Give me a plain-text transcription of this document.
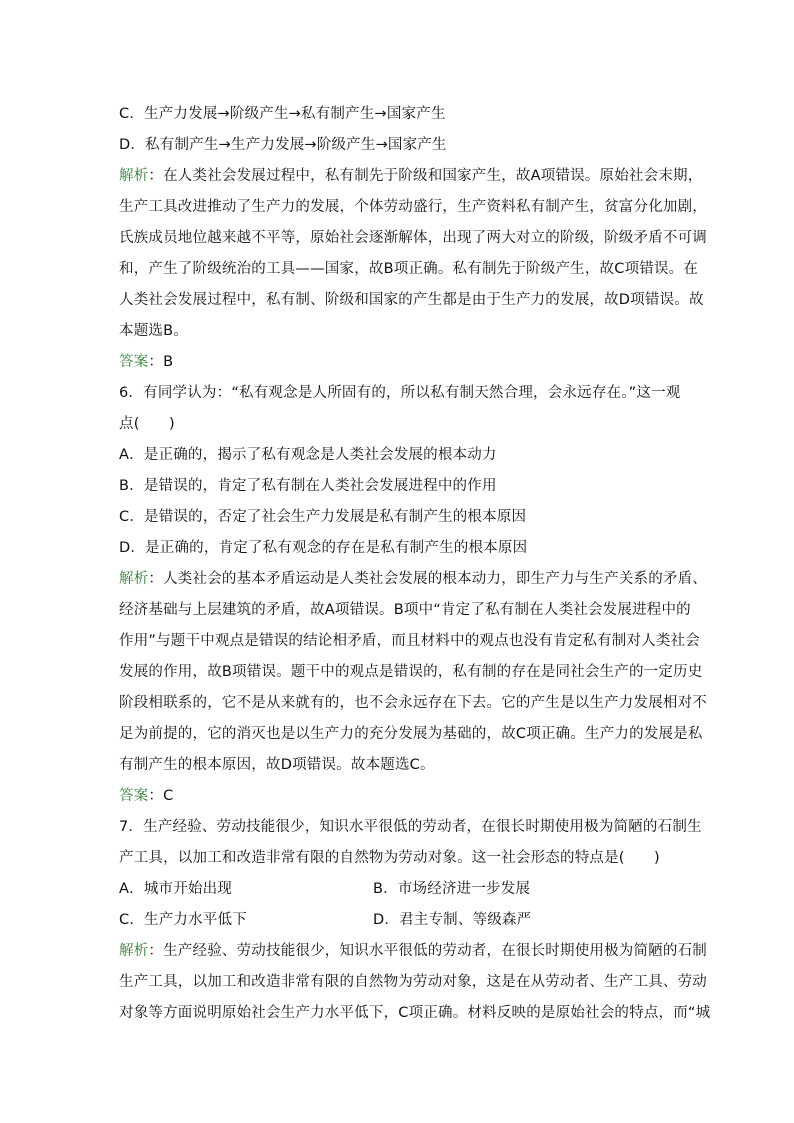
C．生产力发展→阶级产生→私有制产生→国家产生
D．私有制产生→生产力发展→阶级产生→国家产生
解析：在人类社会发展过程中，私有制先于阶级和国家产生，故A项错误。原始社会末期，
生产工具改进推动了生产力的发展，个体劳动盛行，生产资料私有制产生，贫富分化加剧，
氏族成员地位越来越不平等，原始社会逐渐解体，出现了两大对立的阶级，阶级矛盾不可调
和，产生了阶级统治的工具——国家，故B项正确。私有制先于阶级产生，故C项错误。在
人类社会发展过程中，私有制、阶级和国家的产生都是由于生产力的发展，故D项错误。故
本题选B。
答案：B
6．有同学认为：“私有观念是人所固有的，所以私有制天然合理，会永远存在。”这一观
点(　　)
A．是正确的，揭示了私有观念是人类社会发展的根本动力
B．是错误的，肯定了私有制在人类社会发展进程中的作用
C．是错误的，否定了社会生产力发展是私有制产生的根本原因
D．是正确的，肯定了私有观念的存在是私有制产生的根本原因
解析：人类社会的基本矛盾运动是人类社会发展的根本动力，即生产力与生产关系的矛盾、
经济基础与上层建筑的矛盾，故A项错误。B项中“肯定了私有制在人类社会发展进程中的
作用”与题干中观点是错误的结论相矛盾，而且材料中的观点也没有肯定私有制对人类社会
发展的作用，故B项错误。题干中的观点是错误的，私有制的存在是同社会生产的一定历史
阶段相联系的，它不是从来就有的，也不会永远存在下去。它的产生是以生产力发展相对不
足为前提的，它的消灭也是以生产力的充分发展为基础的，故C项正确。生产力的发展是私
有制产生的根本原因，故D项错误。故本题选C。
答案：C
7．生产经验、劳动技能很少，知识水平很低的劳动者，在很长时期使用极为简陋的石制生
产工具，以加工和改造非常有限的自然物为劳动对象。这一社会形态的特点是(　　)
A．城市开始出现	B．市场经济进一步发展
C．生产力水平低下	D．君主专制、等级森严
解析：生产经验、劳动技能很少，知识水平很低的劳动者，在很长时期使用极为简陋的石制
生产工具，以加工和改造非常有限的自然物为劳动对象，这是在从劳动者、生产工具、劳动
对象等方面说明原始社会生产力水平低下，C项正确。材料反映的是原始社会的特点，而“城
